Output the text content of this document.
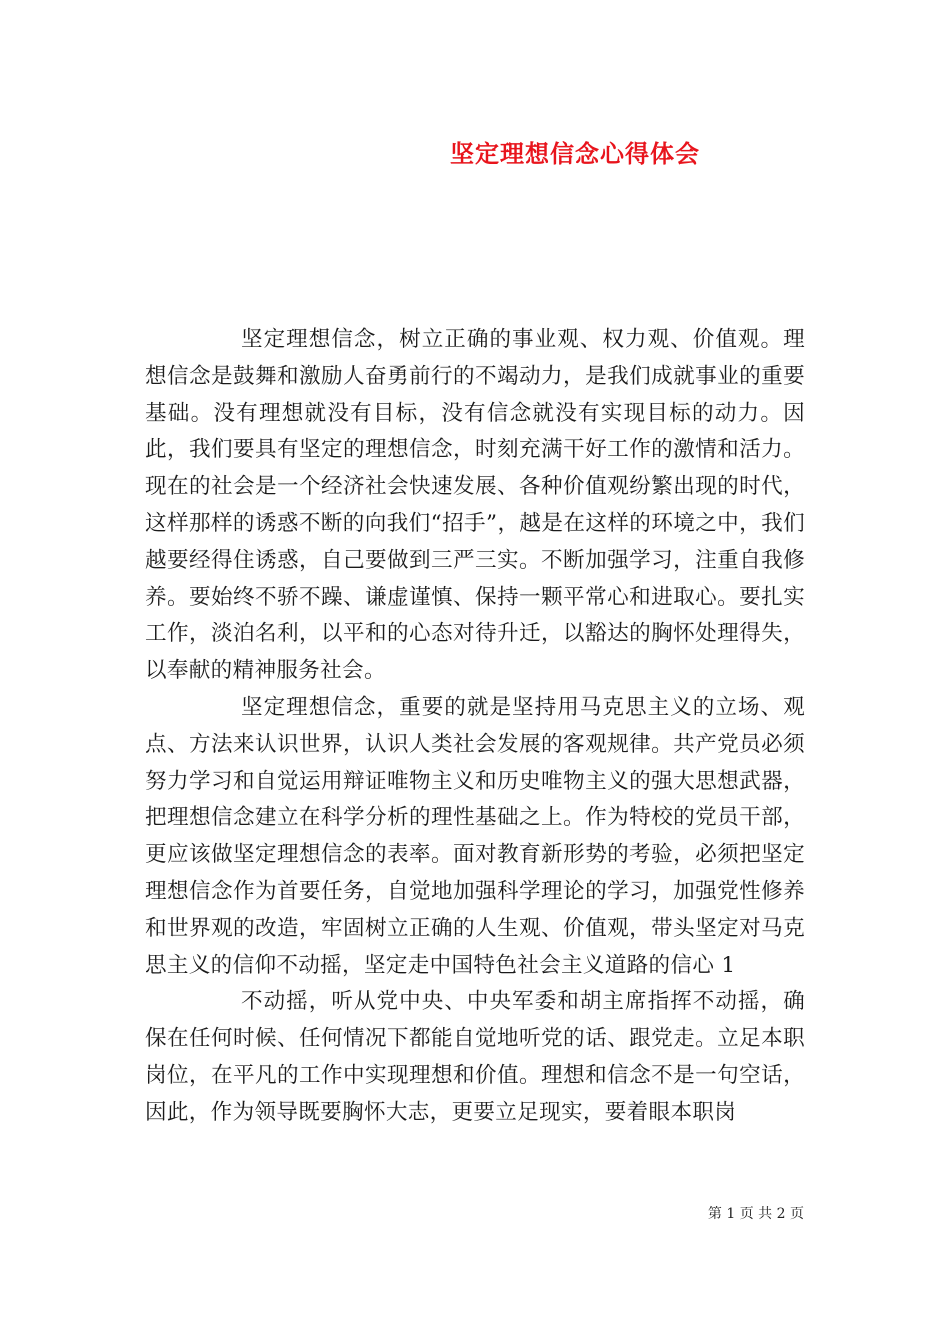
坚定理想信念心得体会

坚定理想信念，树立正确的事业观、权力观、价值观。理想信念是鼓舞和激励人奋勇前行的不竭动力，是我们成就事业的重要基础。没有理想就没有目标，没有信念就没有实现目标的动力。因此，我们要具有坚定的理想信念，时刻充满干好工作的激情和活力。现在的社会是一个经济社会快速发展、各种价值观纷繁出现的时代，这样那样的诱惑不断的向我们“招手”，越是在这样的环境之中，我们越要经得住诱惑，自己要做到三严三实。不断加强学习，注重自我修养。要始终不骄不躁、谦虚谨慎、保持一颗平常心和进取心。要扎实工作，淡泊名利，以平和的心态对待升迁，以豁达的胸怀处理得失，以奉献的精神服务社会。

坚定理想信念，重要的就是坚持用马克思主义的立场、观点、方法来认识世界，认识人类社会发展的客观规律。共产党员必须努力学习和自觉运用辩证唯物主义和历史唯物主义的强大思想武器，把理想信念建立在科学分析的理性基础之上。作为特校的党员干部，更应该做坚定理想信念的表率。面对教育新形势的考验，必须把坚定理想信念作为首要任务，自觉地加强科学理论的学习，加强党性修养和世界观的改造，牢固树立正确的人生观、价值观，带头坚定对马克思主义的信仰不动摇，坚定走中国特色社会主义道路的信心 1

不动摇，听从党中央、中央军委和胡主席指挥不动摇，确保在任何时候、任何情况下都能自觉地听党的话、跟党走。立足本职岗位，在平凡的工作中实现理想和价值。理想和信念不是一句空话，因此，作为领导既要胸怀大志，更要立足现实，要着眼本职岗

第 1 页 共 2 页
